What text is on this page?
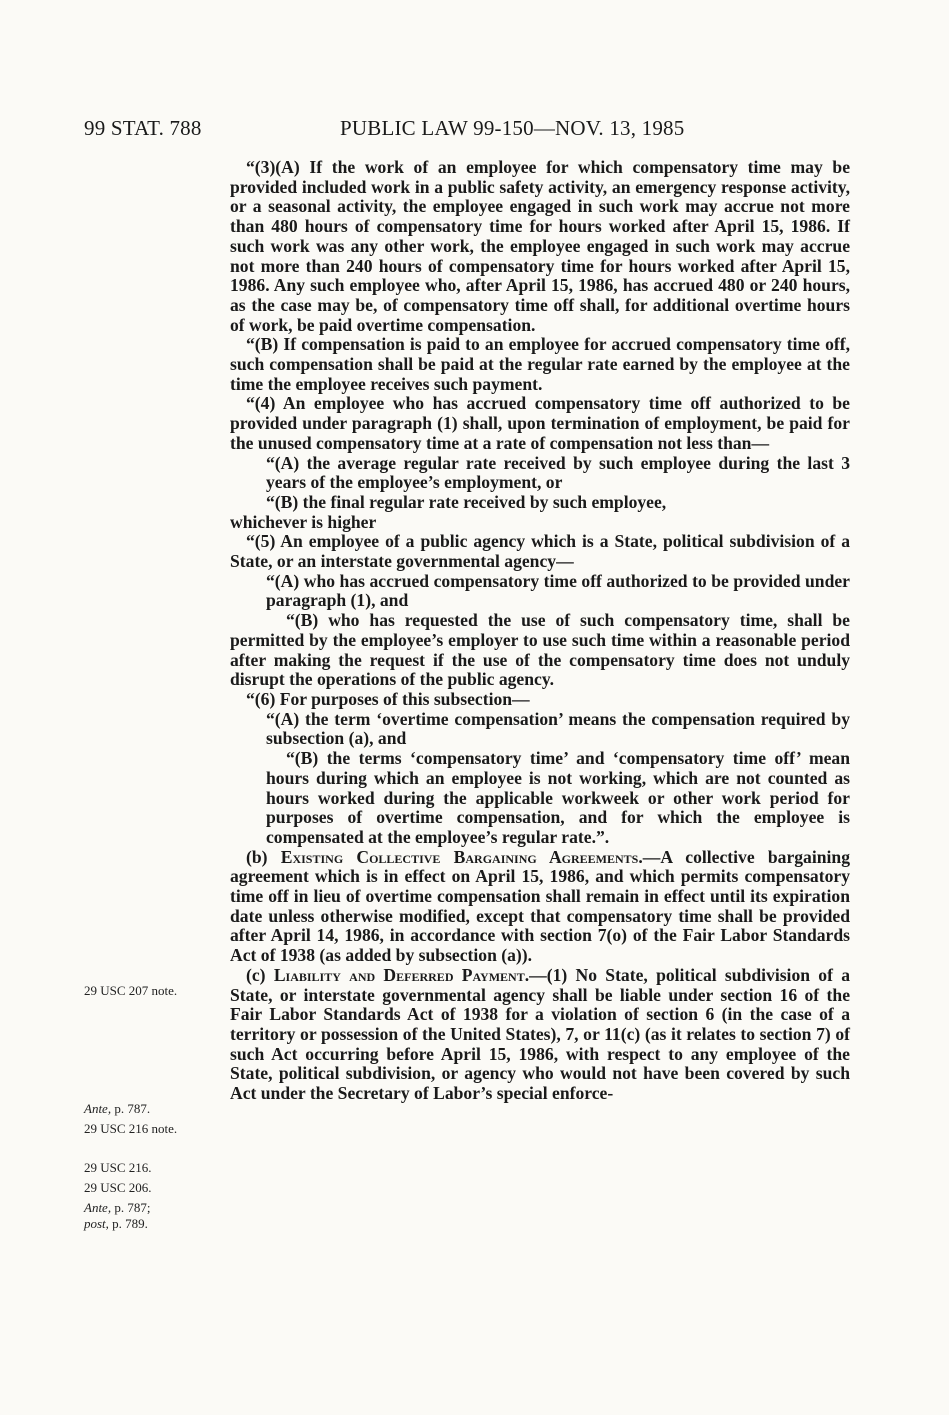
99 STAT. 788	PUBLIC LAW 99-150—NOV. 13, 1985

“(3)(A) If the work of an employee for which compensatory time may be provided included work in a public safety activity, an emergency response activity, or a seasonal activity, the employee engaged in such work may accrue not more than 480 hours of compensatory time for hours worked after April 15, 1986. If such work was any other work, the employee engaged in such work may accrue not more than 240 hours of compensatory time for hours worked after April 15, 1986. Any such employee who, after April 15, 1986, has accrued 480 or 240 hours, as the case may be, of compensatory time off shall, for additional overtime hours of work, be paid overtime compensation.

“(B) If compensation is paid to an employee for accrued compensatory time off, such compensation shall be paid at the regular rate earned by the employee at the time the employee receives such payment.

“(4) An employee who has accrued compensatory time off authorized to be provided under paragraph (1) shall, upon termination of employment, be paid for the unused compensatory time at a rate of compensation not less than—

“(A) the average regular rate received by such employee during the last 3 years of the employee’s employment, or

“(B) the final regular rate received by such employee,

whichever is higher

“(5) An employee of a public agency which is a State, political subdivision of a State, or an interstate governmental agency—

“(A) who has accrued compensatory time off authorized to be provided under paragraph (1), and

“(B) who has requested the use of such compensatory time, shall be permitted by the employee’s employer to use such time within a reasonable period after making the request if the use of the compensatory time does not unduly disrupt the operations of the public agency.

“(6) For purposes of this subsection—

“(A) the term ‘overtime compensation’ means the compensation required by subsection (a), and

“(B) the terms ‘compensatory time’ and ‘compensatory time off’ mean hours during which an employee is not working, which are not counted as hours worked during the applicable workweek or other work period for purposes of overtime compensation, and for which the employee is compensated at the employee’s regular rate.”.

(b) Existing Collective Bargaining Agreements.—A collective bargaining agreement which is in effect on April 15, 1986, and which permits compensatory time off in lieu of overtime compensation shall remain in effect until its expiration date unless otherwise modified, except that compensatory time shall be provided after April 14, 1986, in accordance with section 7(o) of the Fair Labor Standards Act of 1938 (as added by subsection (a)).

(c) Liability and Deferred Payment.—(1) No State, political subdivision of a State, or interstate governmental agency shall be liable under section 16 of the Fair Labor Standards Act of 1938 for a violation of section 6 (in the case of a territory or possession of the United States), 7, or 11(c) (as it relates to section 7) of such Act occurring before April 15, 1986, with respect to any employee of the State, political subdivision, or agency who would not have been covered by such Act under the Secretary of Labor’s special enforce-

29 USC 207 note.
Ante, p. 787.
29 USC 216 note.
29 USC 216.
29 USC 206.
Ante, p. 787;
post, p. 789.
